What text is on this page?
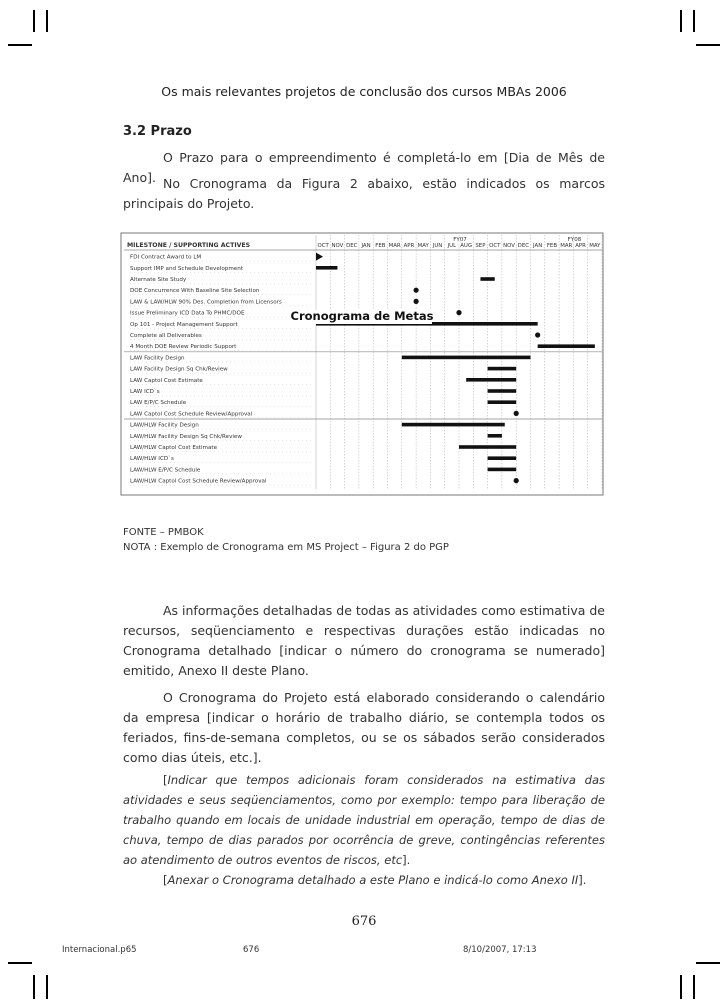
Os mais relevantes projetos de conclusão dos cursos MBAs 2006
3.2 Prazo
O Prazo para o empreendimento é completá-lo em [Dia de Mês de Ano]. No Cronograma da Figura 2 abaixo, estão indicados os marcos principais do Projeto.
FY07	FY08
MILESTONE / SUPPORTING ACTIVES	OCT NOV DEC JAN FEB MAR APR MAY JUN JUL AUG SEP OCT NOV DEC JAN FEB MAR APR MAY
FDI Contract Award to LM
Support IMP and Schedule Development
Alternate Site Study
DOE Concurrence With Baseline Site Selection
LAW & LAW/HLW 90% Des. Completion from Licensors
Issue Preliminary ICD Data To PHMC/DOE
Op 101 - Project Management Support
Complete all Deliverables
4 Month DOE Review Periodic Support
LAW Facility Design
LAW Facility Design Sq Chk/Review
LAW Captol Cost Estimate
LAW ICD`s
LAW E/P/C Schedule
LAW Captol Cost Schedule Review/Approval
LAW/HLW Facility Design
LAW/HLW Facility Design Sq Chk/Review
LAW/HLW Captol Cost Estimate
LAW/HLW ICD`s
LAW/HLW E/P/C Schedule
LAW/HLW Captol Cost Schedule Review/Approval
Cronograma de Metas
FONTE – PMBOK
NOTA : Exemplo de Cronograma em MS Project – Figura 2 do PGP
As informações detalhadas de todas as atividades como estimativa de recursos, seqüenciamento e respectivas durações estão indicadas no Cronograma detalhado [indicar o número do cronograma se numerado] emitido, Anexo II deste Plano.
O Cronograma do Projeto está elaborado considerando o calendário da empresa [indicar o horário de trabalho diário, se contempla todos os feriados, fins-de-semana completos, ou se os sábados serão considerados como dias úteis, etc.].
[Indicar que tempos adicionais foram considerados na estimativa das atividades e seus seqüenciamentos, como por exemplo: tempo para liberação de trabalho quando em locais de unidade industrial em operação, tempo de dias de chuva, tempo de dias parados por ocorrência de greve, contingências referentes ao atendimento de outros eventos de riscos, etc].
[Anexar o Cronograma detalhado a este Plano e indicá-lo como Anexo II].
676
Internacional.p65	676	8/10/2007, 17:13
